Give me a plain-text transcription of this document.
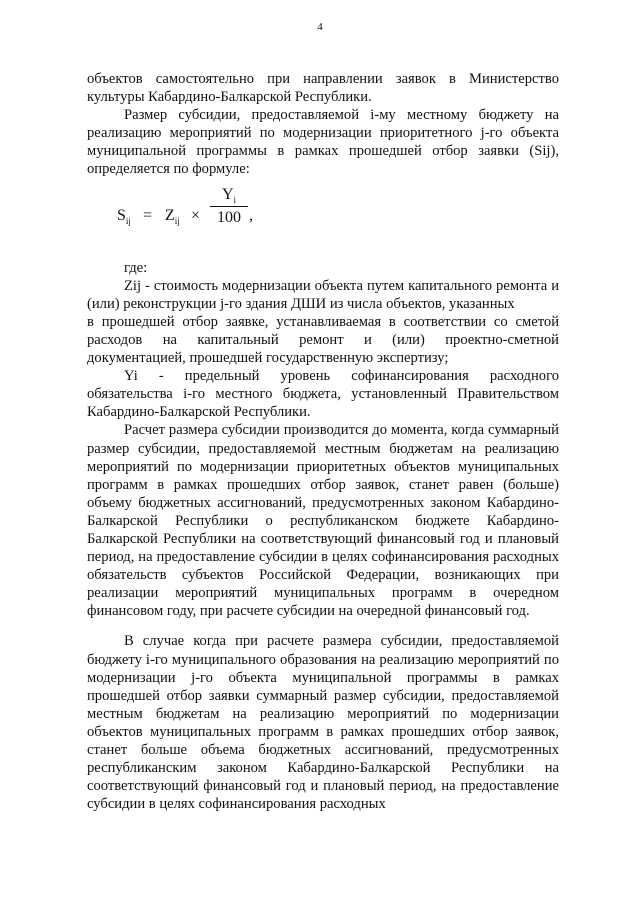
4

объектов самостоятельно при направлении заявок в Министерство культуры Кабардино-Балкарской Республики.

Размер субсидии, предоставляемой i-му местному бюджету на реализацию мероприятий по модернизации приоритетного j-го объекта муниципальной программы в рамках прошедшей отбор заявки (Sij), определяется по формуле:

$S_{ij} = Z_{ij} \times \frac{Y_i}{100}$ ,

где:

Zij - стоимость модернизации объекта путем капитального ремонта и (или) реконструкции j-го здания ДШИ из числа объектов, указанных

в прошедшей отбор заявке, устанавливаемая в соответствии со сметой расходов на капитальный ремонт и (или) проектно-сметной документацией, прошедшей государственную экспертизу;

Yi - предельный уровень софинансирования расходного обязательства i-го местного бюджета, установленный Правительством Кабардино-Балкарской Республики.

Расчет размера субсидии производится до момента, когда суммарный размер субсидии, предоставляемой местным бюджетам на реализацию мероприятий по модернизации приоритетных объектов муниципальных программ в рамках прошедших отбор заявок, станет равен (больше) объему бюджетных ассигнований, предусмотренных законом Кабардино-Балкарской Республики о республиканском бюджете Кабардино-Балкарской Республики на соответствующий финансовый год и плановый период, на предоставление субсидии в целях софинансирования расходных обязательств субъектов Российской Федерации, возникающих при реализации мероприятий муниципальных программ в очередном финансовом году, при расчете субсидии на очередной финансовый год.

В случае когда при расчете размера субсидии, предоставляемой бюджету i-го муниципального образования на реализацию мероприятий по модернизации j-го объекта муниципальной программы в рамках прошедшей отбор заявки суммарный размер субсидии, предоставляемой местным бюджетам на реализацию мероприятий по модернизации объектов муниципальных программ в рамках прошедших отбор заявок, станет больше объема бюджетных ассигнований, предусмотренных республиканским законом Кабардино-Балкарской Республики на соответствующий финансовый год и плановый период, на предоставление субсидии в целях софинансирования расходных
